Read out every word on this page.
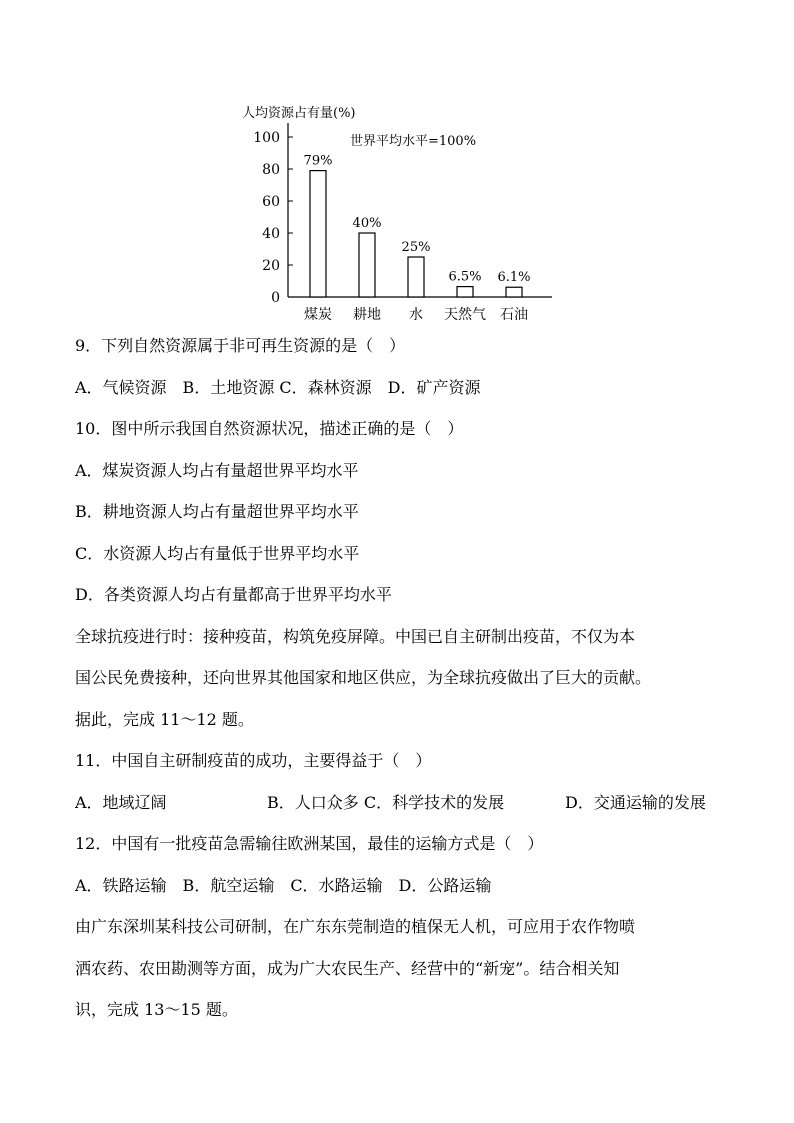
人均资源占有量(%)
世界平均水平=100%
0
20
40
60
80
100
79%
40%
25%
6.5% 6.1%
煤炭 耕地 水 天然气 石油
9．下列自然资源属于非可再生资源的是（　）
A．气候资源　B．土地资源 C．森林资源　D．矿产资源
10．图中所示我国自然资源状况，描述正确的是（　）
A．煤炭资源人均占有量超世界平均水平
B．耕地资源人均占有量超世界平均水平
C．水资源人均占有量低于世界平均水平
D．各类资源人均占有量都高于世界平均水平
全球抗疫进行时：接种疫苗，构筑免疫屏障。中国已自主研制出疫苗，不仅为本
国公民免费接种，还向世界其他国家和地区供应，为全球抗疫做出了巨大的贡献。
据此，完成 11～12 题。
11．中国自主研制疫苗的成功，主要得益于（　）
A．地域辽阔	B．人口众多 C．科学技术的发展	D．交通运输的发展
12．中国有一批疫苗急需输往欧洲某国，最佳的运输方式是（　）
A．铁路运输　B．航空运输　C．水路运输　D．公路运输
由广东深圳某科技公司研制，在广东东莞制造的植保无人机，可应用于农作物喷
洒农药、农田勘测等方面，成为广大农民生产、经营中的“新宠”。结合相关知
识，完成 13～15 题。
